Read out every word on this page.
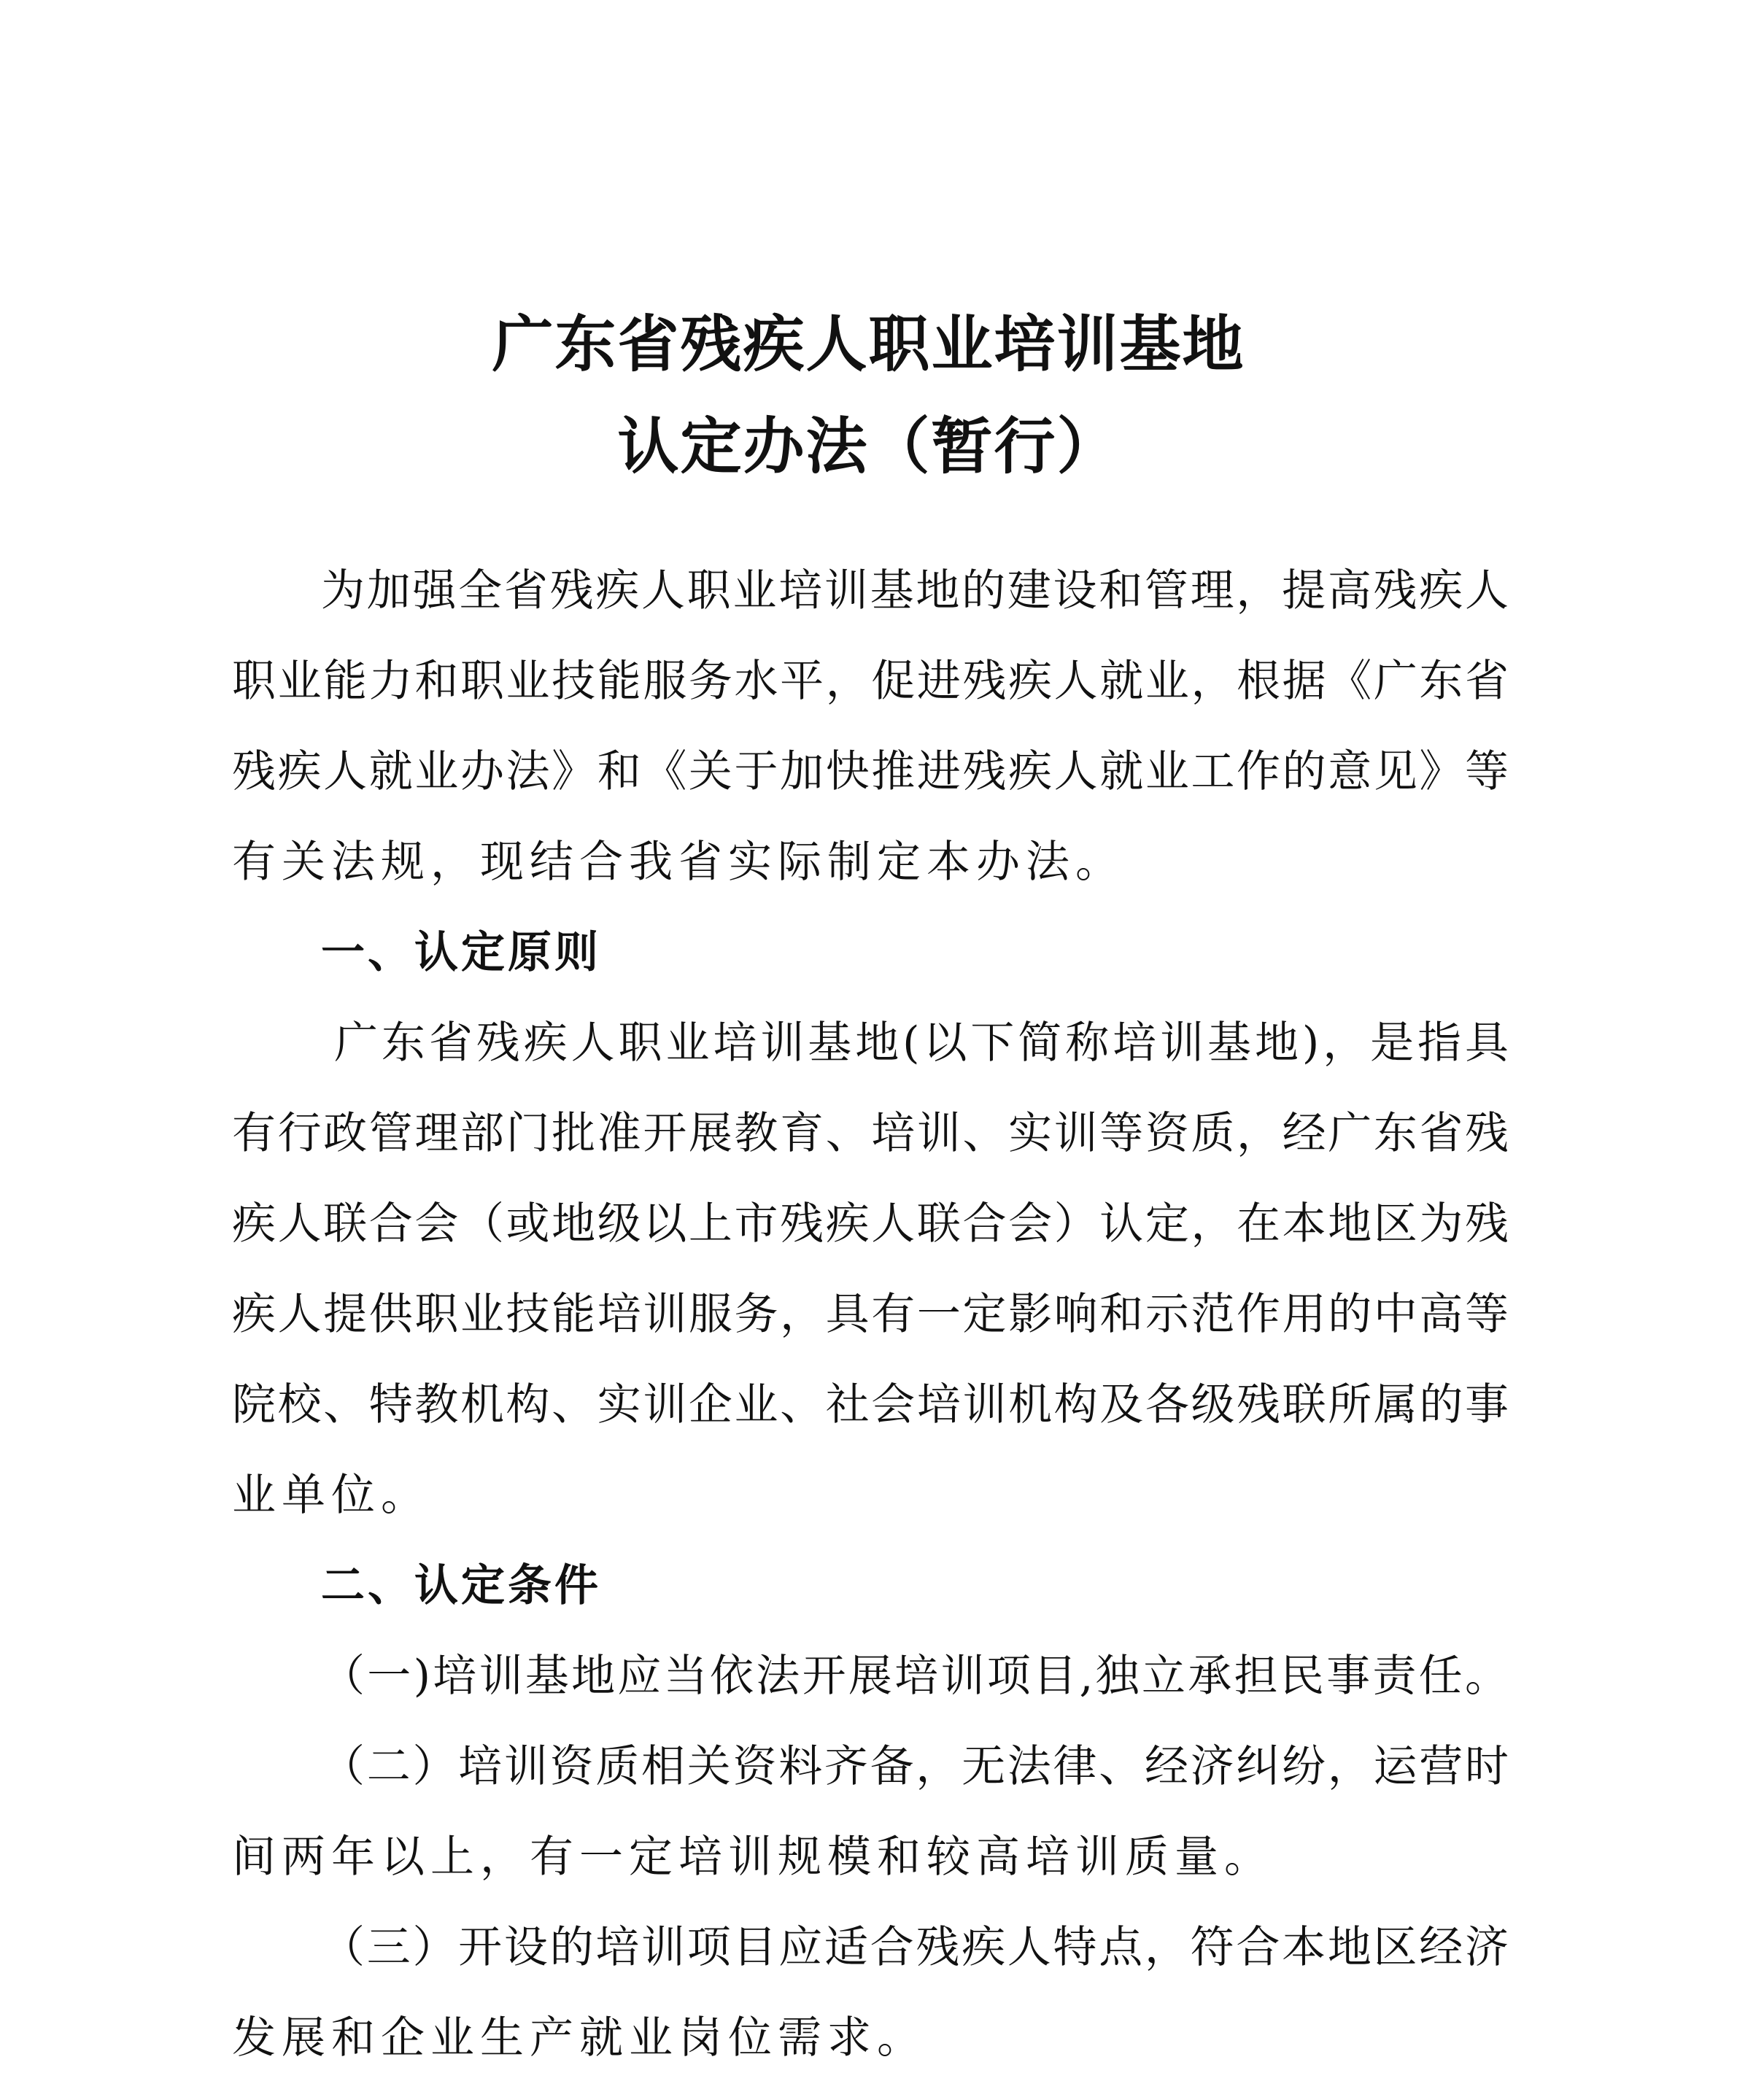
广东省残疾人职业培训基地
认定办法（暂行）

为加强全省残疾人职业培训基地的建设和管理，提高残疾人

职业能力和职业技能服务水平，促进残疾人就业，根据《广东省

残疾人就业办法》和《关于加快推进残疾人就业工作的意见》等

有关法规，现结合我省实际制定本办法。

一、认定原则

广东省残疾人职业培训基地(以下简称培训基地)，是指具

有行政管理部门批准开展教育、培训、实训等资质，经广东省残

疾人联合会（或地级以上市残疾人联合会）认定，在本地区为残

疾人提供职业技能培训服务，具有一定影响和示范作用的中高等

院校、特教机构、实训企业、社会培训机构及各级残联所属的事

业单位。

二、认定条件

（一)培训基地应当依法开展培训项目,独立承担民事责任。

（二）培训资质相关资料齐备，无法律、经济纠纷，运营时

间两年以上，有一定培训规模和较高培训质量。

（三）开设的培训项目应适合残疾人特点，符合本地区经济

发展和企业生产就业岗位需求。
